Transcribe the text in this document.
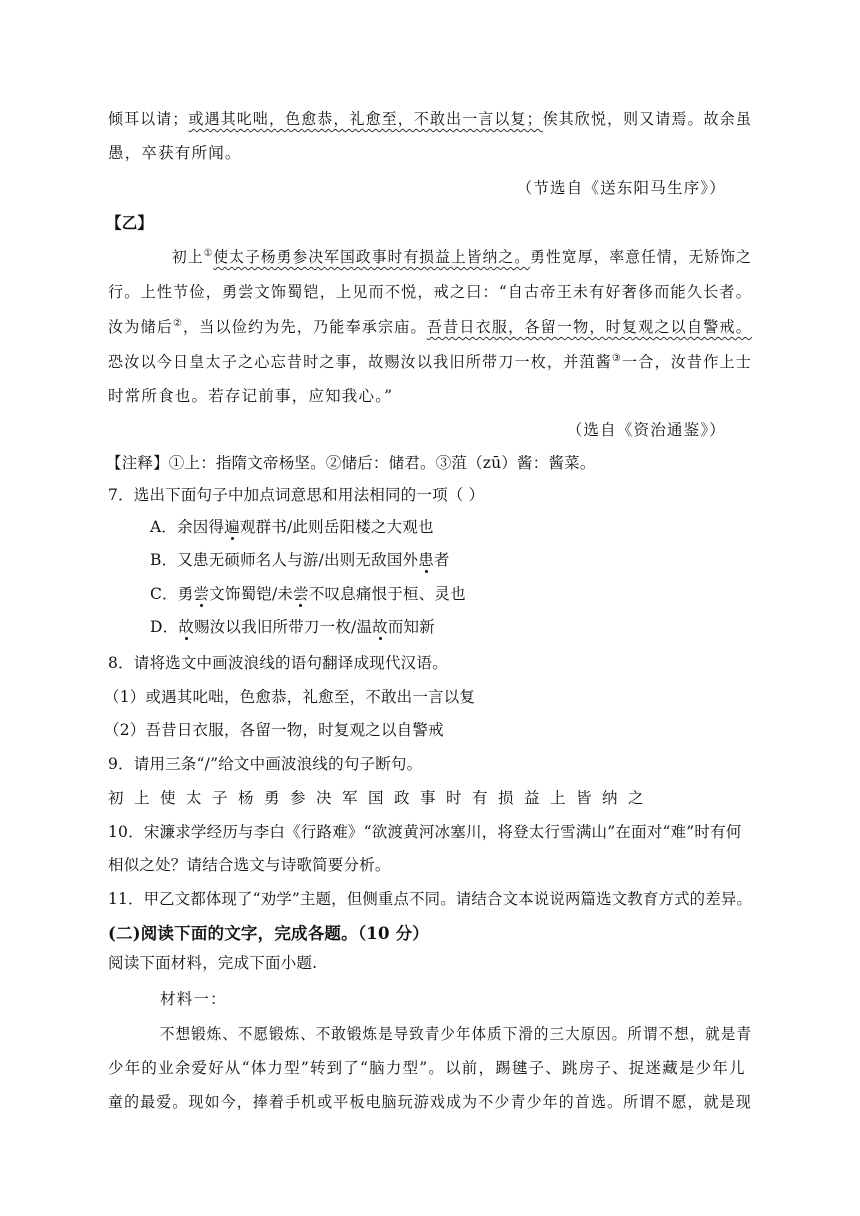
倾耳以请；或遇其叱咄，色愈恭，礼愈至，不敢出一言以复；俟其欣悦，则又请焉。故余虽
愚，卒获有所闻。
（节选自《送东阳马生序》）
【乙】
初上①使太子杨勇参决军国政事时有损益上皆纳之。勇性宽厚，率意任情，无矫饰之
行。上性节俭，勇尝文饰蜀铠，上见而不悦，戒之曰：“自古帝王未有好奢侈而能久长者。
汝为储后②，当以俭约为先，乃能奉承宗庙。吾昔日衣服，各留一物，时复观之以自警戒。
恐汝以今日皇太子之心忘昔时之事，故赐汝以我旧所带刀一枚，并菹酱③一合，汝昔作上士
时常所食也。若存记前事，应知我心。”
（选自《资治通鉴》）
【注释】①上：指隋文帝杨坚。②储后：储君。③菹（zū）酱：酱菜。
7．选出下面句子中加点词意思和用法相同的一项（ ）
A．余因得遍观群书/此则岳阳楼之大观也
B．又患无硕师名人与游/出则无敌国外患者
C．勇尝文饰蜀铠/未尝不叹息痛恨于桓、灵也
D．故赐汝以我旧所带刀一枚/温故而知新
8．请将选文中画波浪线的语句翻译成现代汉语。
（1）或遇其叱咄，色愈恭，礼愈至，不敢出一言以复
（2）吾昔日衣服，各留一物，时复观之以自警戒
9．请用三条“/”给文中画波浪线的句子断句。
初上使太子杨勇参决军国政事时有损益上皆纳之
10．宋濂求学经历与李白《行路难》“欲渡黄河冰塞川，将登太行雪满山”在面对“难”时有何
相似之处？请结合选文与诗歌简要分析。
11．甲乙文都体现了“劝学”主题，但侧重点不同。请结合文本说说两篇选文教育方式的差异。
(二)阅读下面的文字，完成各题。（10 分）
阅读下面材料，完成下面小题.
材料一：
不想锻炼、不愿锻炼、不敢锻炼是导致青少年体质下滑的三大原因。所谓不想，就是青
少年的业余爱好从“体力型”转到了“脑力型”。以前，踢毽子、跳房子、捉迷藏是少年儿
童的最爱。现如今，捧着手机或平板电脑玩游戏成为不少青少年的首选。所谓不愿，就是现
